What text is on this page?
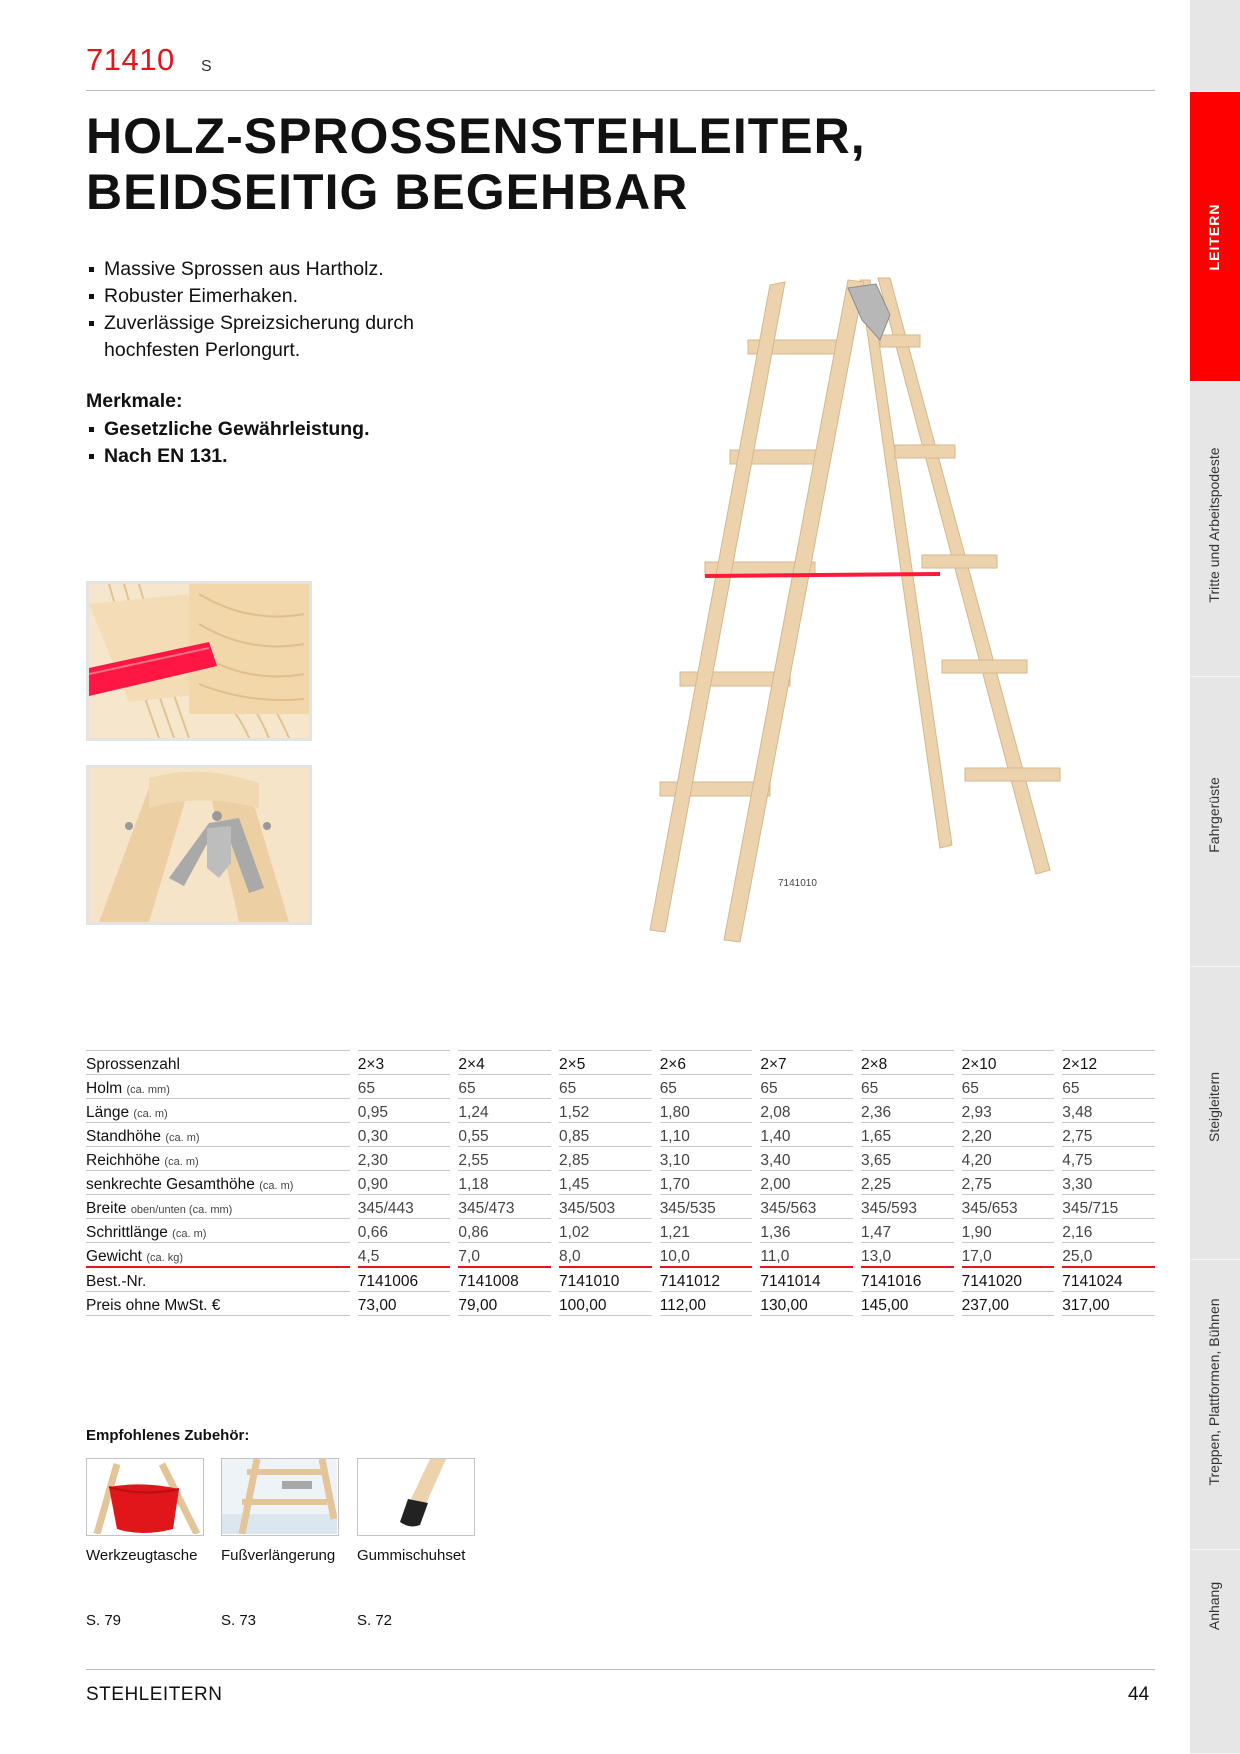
71410 S
HOLZ-SPROSSENSTEHLEITER,
BEIDSEITIG BEGEHBAR
Massive Sprossen aus Hartholz.
Robuster Eimerhaken.
Zuverlässige Spreizsicherung durch hochfesten Perlongurt.
Merkmale:
Gesetzliche Gewährleistung.
Nach EN 131.
7141010
Sprossenzahl		2×3		2×4		2×5		2×6		2×7		2×8		2×10		2×12
Holm (ca. mm)		65		65		65		65		65		65		65		65
Länge (ca. m)		0,95		1,24		1,52		1,80		2,08		2,36		2,93		3,48
Standhöhe (ca. m)		0,30		0,55		0,85		1,10		1,40		1,65		2,20		2,75
Reichhöhe (ca. m)		2,30		2,55		2,85		3,10		3,40		3,65		4,20		4,75
senkrechte Gesamthöhe (ca. m)		0,90		1,18		1,45		1,70		2,00		2,25		2,75		3,30
Breite oben/unten (ca. mm)		345/443		345/473		345/503		345/535		345/563		345/593		345/653		345/715
Schrittlänge (ca. m)		0,66		0,86		1,02		1,21		1,36		1,47		1,90		2,16
Gewicht (ca. kg)		4,5		7,0		8,0		10,0		11,0		13,0		17,0		25,0
Best.-Nr.		7141006		7141008		7141010		7141012		7141014		7141016		7141020		7141024
Preis ohne MwSt. €		73,00		79,00		100,00		112,00		130,00		145,00		237,00		317,00
Empfohlenes Zubehör:
Werkzeugtasche Fußverlängerung Gummischuhset
S. 79	S. 73	S. 72
STEHLEITERN	44
LEITERN
Tritte und Arbeitspodeste
Fahrgerüste
Steigleitern
Treppen, Plattformen, Bühnen
Anhang
